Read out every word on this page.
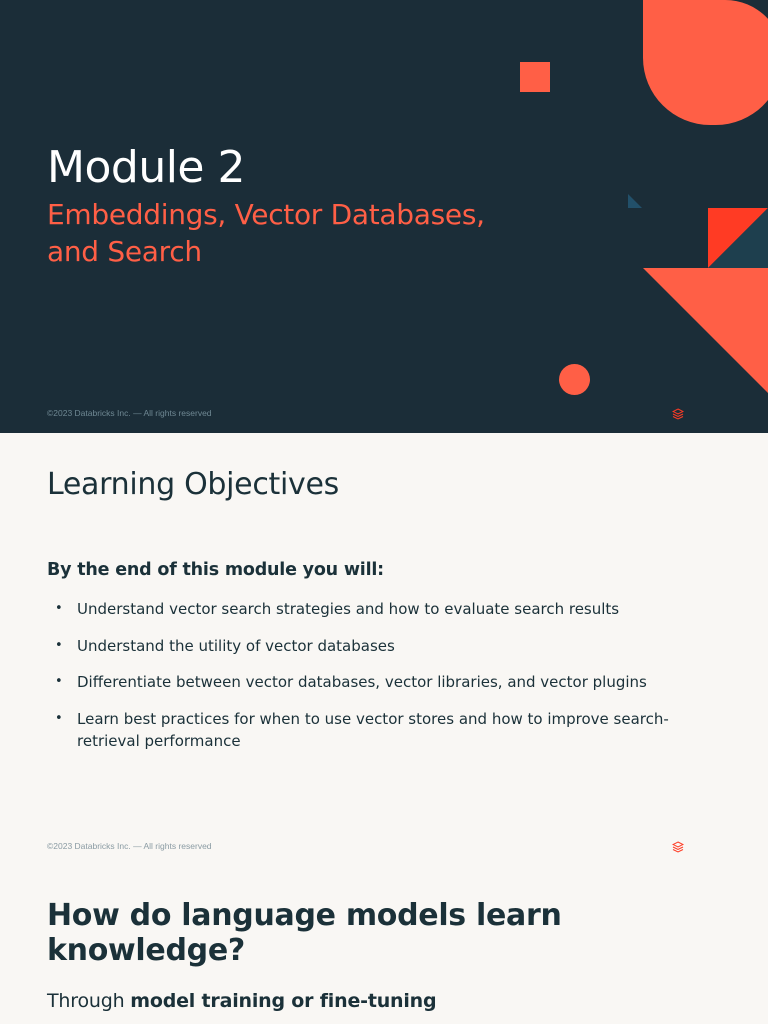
Module 2
Embeddings, Vector Databases,
and Search
©2023 Databricks Inc. — All rights reserved
Learning Objectives
By the end of this module you will:
• Understand vector search strategies and how to evaluate search results
• Understand the utility of vector databases
• Differentiate between vector databases, vector libraries, and vector plugins
• Learn best practices for when to use vector stores and how to improve search-retrieval performance
©2023 Databricks Inc. — All rights reserved
How do language models learn knowledge?
Through model training or fine-tuning
